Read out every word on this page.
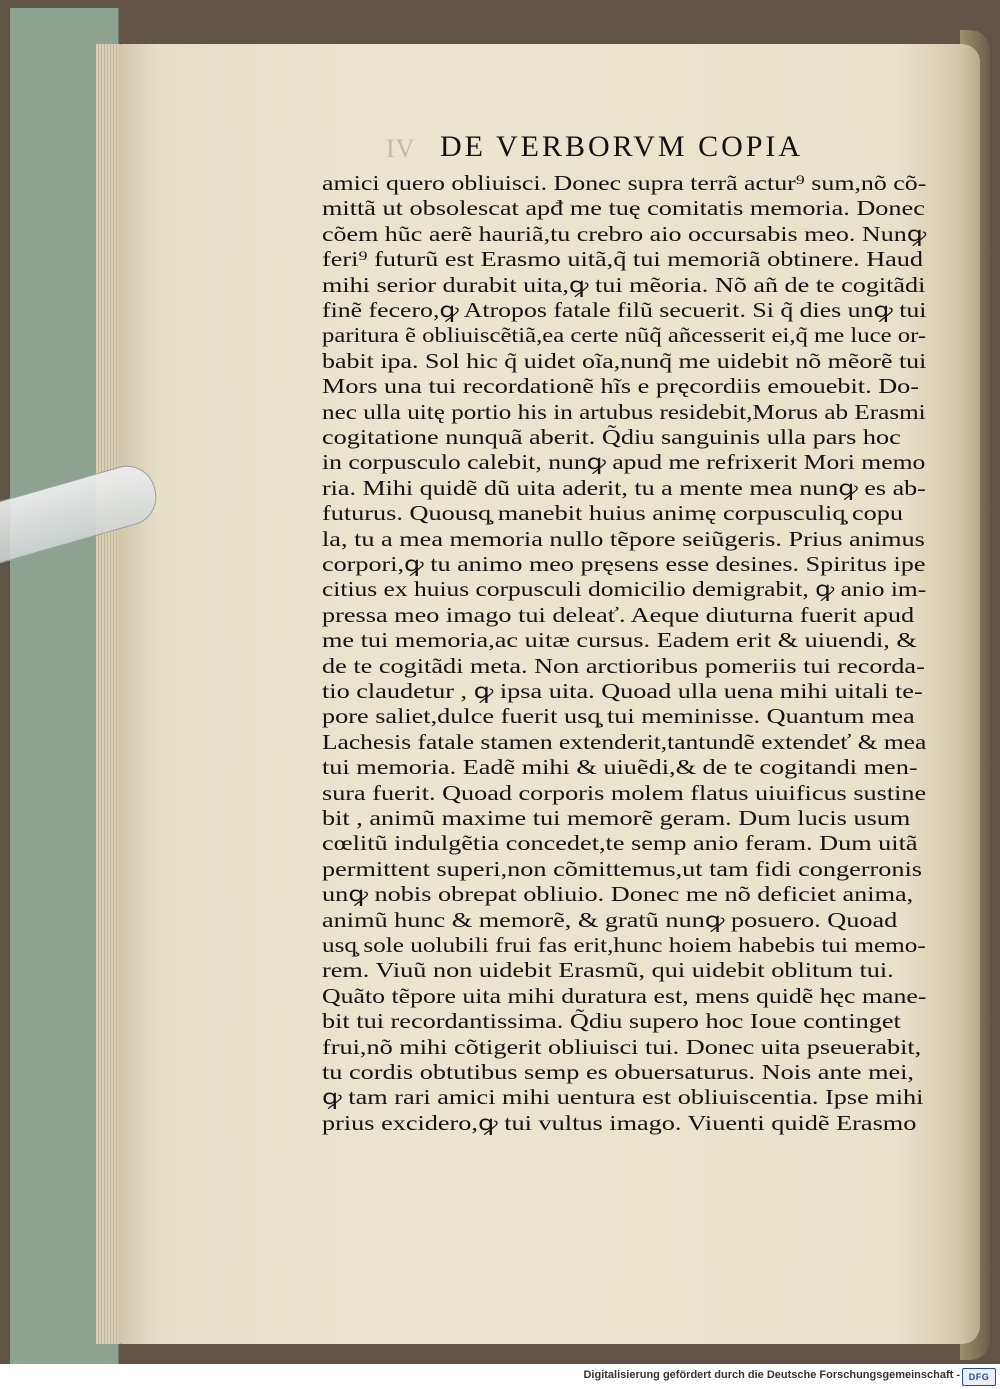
IV DE VERBORVM COPIA
amici quero obliuisci. Donec supra terrã actur⁹ sum,nõ cõ-
mittã ut obsolescat apđ me tuę comitatis memoria. Donec
cõem hũc aerẽ hauriã,tu crebro aio occursabis meo. Nunꝙ
feri⁹ futurũ est Erasmo uitã,q̃ tui memoriã obtinere. Haud
mihi serior durabit uita,ꝙ tui mẽoria. Nõ añ de te cogitãdi
finẽ fecero,ꝙ Atropos fatale filũ secuerit. Si q̃ dies unꝙ tui
paritura ẽ obliuiscẽtiã,ea certe nũq̃ añcesserit ei,q̃ me luce or-
babit ipa. Sol hic q̃ uidet oĩa,nunq̃ me uidebit nõ mẽorẽ tui
Mors una tui recordationẽ hĩs e pręcordiis emouebit. Do-
nec ulla uitę portio his in artubus residebit,Morus ab Erasmi
cogitatione nunquã aberit. Q̃diu sanguinis ulla pars hoc
in corpusculo calebit, nunꝙ apud me refrixerit Mori memo
ria. Mihi quidẽ dũ uita aderit, tu a mente mea nunꝙ es ab-
futurus. Quousq̧ manebit huius animę corpusculiq̧ copu
la, tu a mea memoria nullo tẽpore seiũgeris. Prius animus
corpori,ꝙ tu animo meo pręsens esse desines. Spiritus ipe
citius ex huius corpusculi domicilio demigrabit, ꝙ anio im-
pressa meo imago tui deleať. Aeque diuturna fuerit apud
me tui memoria,ac uitæ cursus. Eadem erit & uiuendi, &
de te cogitãdi meta. Non arctioribus pomeriis tui recorda-
tio claudetur , ꝙ ipsa uita. Quoad ulla uena mihi uitali te-
pore saliet,dulce fuerit usq̧ tui meminisse. Quantum mea
Lachesis fatale stamen extenderit,tantundẽ extendeť & mea
tui memoria. Eadẽ mihi & uiuẽdi,& de te cogitandi men-
sura fuerit. Quoad corporis molem flatus uiuificus sustine
bit , animũ maxime tui memorẽ geram. Dum lucis usum
cœlitũ indulgẽtia concedet,te semp anio feram. Dum uitã
permittent superi,non cõmittemus,ut tam fidi congerronis
unꝙ nobis obrepat obliuio. Donec me nõ deficiet anima,
animũ hunc & memorẽ, & gratũ nunꝙ posuero. Quoad
usq̧ sole uolubili frui fas erit,hunc hoiem habebis tui memo-
rem. Viuũ non uidebit Erasmũ, qui uidebit oblitum tui.
Quãto tẽpore uita mihi duratura est, mens quidẽ hęc mane-
bit tui recordantissima. Q̃diu supero hoc Ioue continget
frui,nõ mihi cõtigerit obliuisci tui. Donec uita pseuerabit,
tu cordis obtutibus semp es obuersaturus. Nois ante mei,
ꝙ tam rari amici mihi uentura est obliuiscentia. Ipse mihi
prius excidero,ꝙ tui vultus imago. Viuenti quidẽ Erasmo
Digitalisierung gefördert durch die Deutsche Forschungsgemeinschaft - DFG
